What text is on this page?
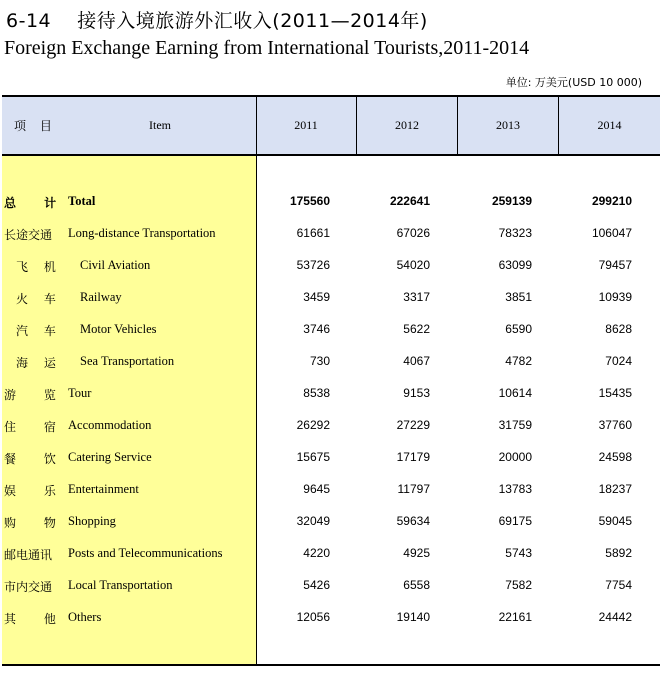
6-14 接待入境旅游外汇收入(2011—2014年)
Foreign Exchange Earning from International Tourists,2011-2014
单位: 万美元(USD 10 000)
项 目	Item	2011	2012	2013	2014
总 计 Total	175560	222641	259139	299210
长途交通 Long-distance Transportation	61661	67026	78323	106047
飞 机 Civil Aviation	53726	54020	63099	79457
火 车 Railway	3459	3317	3851	10939
汽 车 Motor Vehicles	3746	5622	6590	8628
海 运 Sea Transportation	730	4067	4782	7024
游 览 Tour	8538	9153	10614	15435
住 宿 Accommodation	26292	27229	31759	37760
餐 饮 Catering Service	15675	17179	20000	24598
娱 乐 Entertainment	9645	11797	13783	18237
购 物 Shopping	32049	59634	69175	59045
邮电通讯 Posts and Telecommunications	4220	4925	5743	5892
市内交通 Local Transportation	5426	6558	7582	7754
其 他 Others	12056	19140	22161	24442
